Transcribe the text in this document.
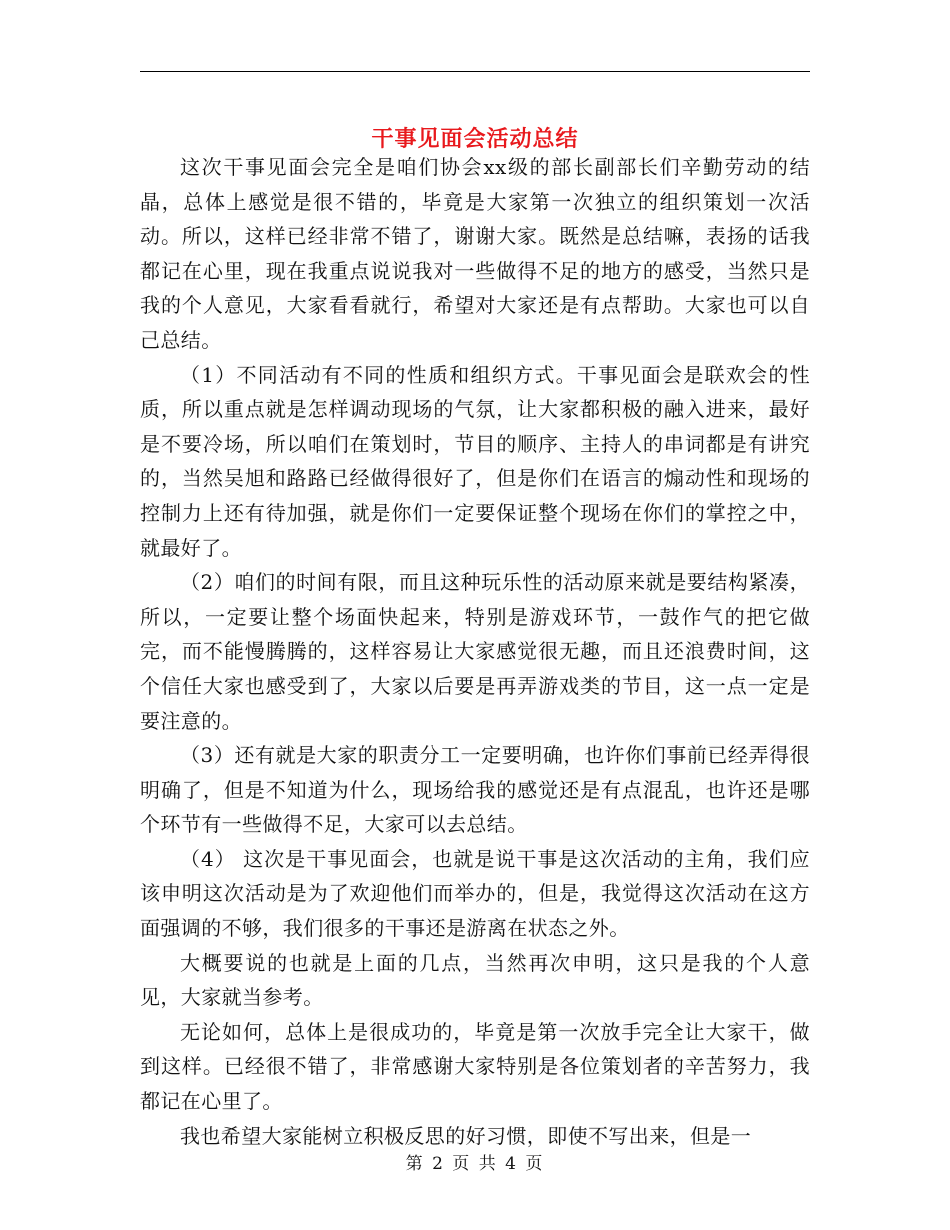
干事见面会活动总结

这次干事见面会完全是咱们协会xx级的部长副部长们辛勤劳动的结晶，总体上感觉是很不错的，毕竟是大家第一次独立的组织策划一次活动。所以，这样已经非常不错了，谢谢大家。既然是总结嘛，表扬的话我都记在心里，现在我重点说说我对一些做得不足的地方的感受，当然只是我的个人意见，大家看看就行，希望对大家还是有点帮助。大家也可以自己总结。

（1）不同活动有不同的性质和组织方式。干事见面会是联欢会的性质，所以重点就是怎样调动现场的气氛，让大家都积极的融入进来，最好是不要冷场，所以咱们在策划时，节目的顺序、主持人的串词都是有讲究的，当然吴旭和路路已经做得很好了，但是你们在语言的煽动性和现场的控制力上还有待加强，就是你们一定要保证整个现场在你们的掌控之中，就最好了。

（2）咱们的时间有限，而且这种玩乐性的活动原来就是要结构紧凑，所以，一定要让整个场面快起来，特别是游戏环节，一鼓作气的把它做完，而不能慢腾腾的，这样容易让大家感觉很无趣，而且还浪费时间，这个信任大家也感受到了，大家以后要是再弄游戏类的节目，这一点一定是要注意的。

（3）还有就是大家的职责分工一定要明确，也许你们事前已经弄得很明确了，但是不知道为什么，现场给我的感觉还是有点混乱，也许还是哪个环节有一些做得不足，大家可以去总结。

（4） 这次是干事见面会，也就是说干事是这次活动的主角，我们应该申明这次活动是为了欢迎他们而举办的，但是，我觉得这次活动在这方面强调的不够，我们很多的干事还是游离在状态之外。

大概要说的也就是上面的几点，当然再次申明，这只是我的个人意见，大家就当参考。

无论如何，总体上是很成功的，毕竟是第一次放手完全让大家干，做到这样。已经很不错了，非常感谢大家特别是各位策划者的辛苦努力，我都记在心里了。

我也希望大家能树立积极反思的好习惯，即使不写出来，但是一

第 2 页 共 4 页
